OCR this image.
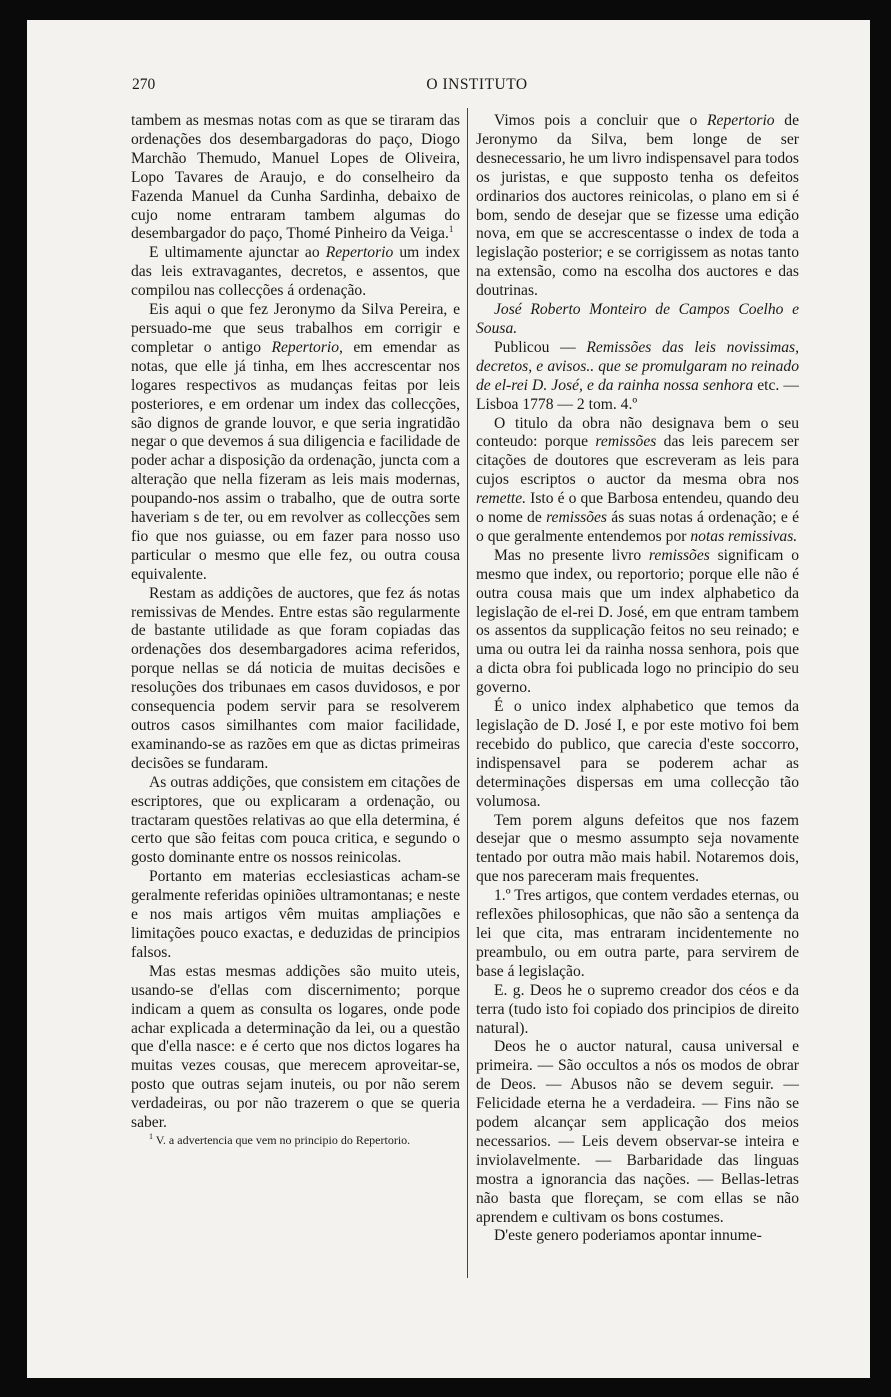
270	O INSTITUTO

tambem as mesmas notas com as que se tiraram das ordenações dos desembargadoras do paço, Diogo Marchão Themudo, Manuel Lopes de Oliveira, Lopo Tavares de Araujo, e do conselheiro da Fazenda Manuel da Cunha Sardinha, debaixo de cujo nome entraram tambem algumas do desembargador do paço, Thomé Pinheiro da Veiga.$^1$

E ultimamente ajunctar ao Repertorio um index das leis extravagantes, decretos, e assentos, que compilou nas collecções á ordenação.

Eis aqui o que fez Jeronymo da Silva Pereira, e persuado-me que seus trabalhos em corrigir e completar o antigo Repertorio, em emendar as notas, que elle já tinha, em lhes accrescentar nos logares respectivos as mudanças feitas por leis posteriores, e em ordenar um index das collecções, são dignos de grande louvor, e que seria ingratidão negar o que devemos á sua diligencia e facilidade de poder achar a disposição da ordenação, juncta com a alteração que nella fizeram as leis mais modernas, poupando-nos assim o trabalho, que de outra sorte haveriam s de ter, ou em revolver as collecções sem fio que nos guiasse, ou em fazer para nosso uso particular o mesmo que elle fez, ou outra cousa equivalente.

Restam as addições de auctores, que fez ás notas remissivas de Mendes. Entre estas são regularmente de bastante utilidade as que foram copiadas das ordenações dos desembargadores acima referidos, porque nellas se dá noticia de muitas decisões e resoluções dos tribunaes em casos duvidosos, e por consequencia podem servir para se resolverem outros casos similhantes com maior facilidade, examinando-se as razões em que as dictas primeiras decisões se fundaram.

As outras addições, que consistem em citações de escriptores, que ou explicaram a ordenação, ou tractaram questões relativas ao que ella determina, é certo que são feitas com pouca critica, e segundo o gosto dominante entre os nossos reinicolas.

Portanto em materias ecclesiasticas acham-se geralmente referidas opiniões ultramontanas; e neste e nos mais artigos vêm muitas ampliações e limitações pouco exactas, e deduzidas de principios falsos.

Mas estas mesmas addições são muito uteis, usando-se d'ellas com discernimento; porque indicam a quem as consulta os logares, onde pode achar explicada a determinação da lei, ou a questão que d'ella nasce: e é certo que nos dictos logares ha muitas vezes cousas, que merecem aproveitar-se, posto que outras sejam inuteis, ou por não serem verdadeiras, ou por não trazerem o que se queria saber.

$^1$ V. a advertencia que vem no principio do Repertorio.

Vimos pois a concluir que o Repertorio de Jeronymo da Silva, bem longe de ser desnecessario, he um livro indispensavel para todos os juristas, e que supposto tenha os defeitos ordinarios dos auctores reinicolas, o plano em si é bom, sendo de desejar que se fizesse uma edição nova, em que se accrescentasse o index de toda a legislação posterior; e se corrigissem as notas tanto na extensão, como na escolha dos auctores e das doutrinas.

José Roberto Monteiro de Campos Coelho e Sousa.

Publicou — Remissões das leis novissimas, decretos, e avisos.. que se promulgaram no reinado de el-rei D. José, e da rainha nossa senhora etc. — Lisboa 1778 — 2 tom. 4.º

O titulo da obra não designava bem o seu conteudo: porque remissões das leis parecem ser citações de doutores que escreveram as leis para cujos escriptos o auctor da mesma obra nos remette. Isto é o que Barbosa entendeu, quando deu o nome de remissões ás suas notas á ordenação; e é o que geralmente entendemos por notas remissivas.

Mas no presente livro remissões significam o mesmo que index, ou reportorio; porque elle não é outra cousa mais que um index alphabetico da legislação de el-rei D. José, em que entram tambem os assentos da supplicação feitos no seu reinado; e uma ou outra lei da rainha nossa senhora, pois que a dicta obra foi publicada logo no principio do seu governo.

É o unico index alphabetico que temos da legislação de D. José I, e por este motivo foi bem recebido do publico, que carecia d'este soccorro, indispensavel para se poderem achar as determinações dispersas em uma collecção tão volumosa.

Tem porem alguns defeitos que nos fazem desejar que o mesmo assumpto seja novamente tentado por outra mão mais habil. Notaremos dois, que nos pareceram mais frequentes.

1.º Tres artigos, que contem verdades eternas, ou reflexões philosophicas, que não são a sentença da lei que cita, mas entraram incidentemente no preambulo, ou em outra parte, para servirem de base á legislação.

E. g. Deos he o supremo creador dos céos e da terra (tudo isto foi copiado dos principios de direito natural).

Deos he o auctor natural, causa universal e primeira. — São occultos a nós os modos de obrar de Deos. — Abusos não se devem seguir. — Felicidade eterna he a verdadeira. — Fins não se podem alcançar sem applicação dos meios necessarios. — Leis devem observar-se inteira e inviolavelmente. — Barbaridade das linguas mostra a ignorancia das nações. — Bellas-letras não basta que floreçam, se com ellas se não aprendem e cultivam os bons costumes.

D'este genero poderiamos apontar innume-
